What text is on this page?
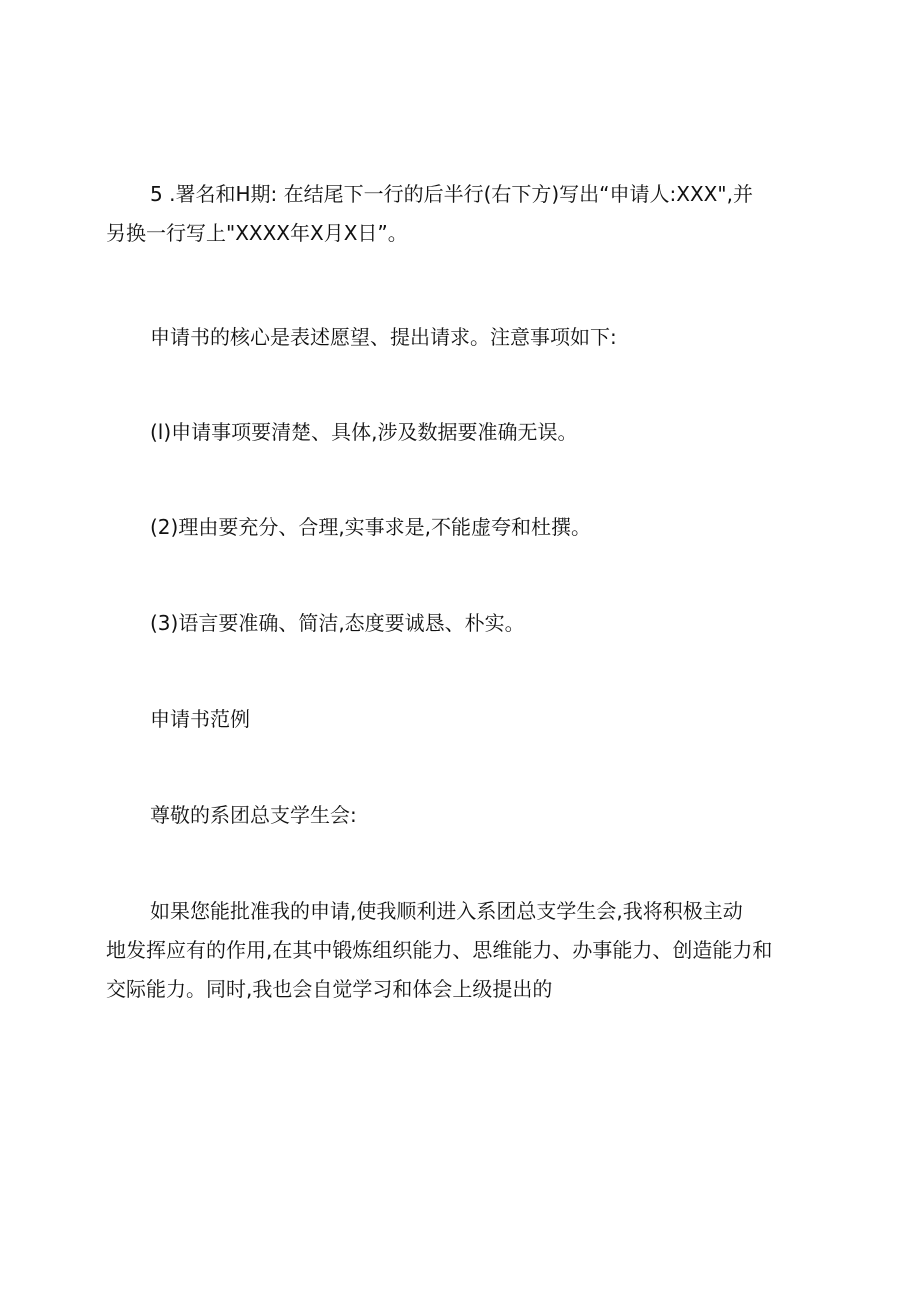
5 .署名和H期: 在结尾下一行的后半行(右下方)写出“申请人:XXX",并
另换一行写上"XXXX年X月X日”。

申请书的核心是表述愿望、提出请求。注意事项如下:

(l)申请事项要清楚、具体,涉及数据要准确无误。

(2)理由要充分、合理,实事求是,不能虚夸和杜撰。

(3)语言要准确、简洁,态度要诚恳、朴实。

申请书范例

尊敬的系团总支学生会:

如果您能批准我的申请,使我顺利进入系团总支学生会,我将积极主动
地发挥应有的作用,在其中锻炼组织能力、思维能力、办事能力、创造能力和
交际能力。同时,我也会自觉学习和体会上级提出的
